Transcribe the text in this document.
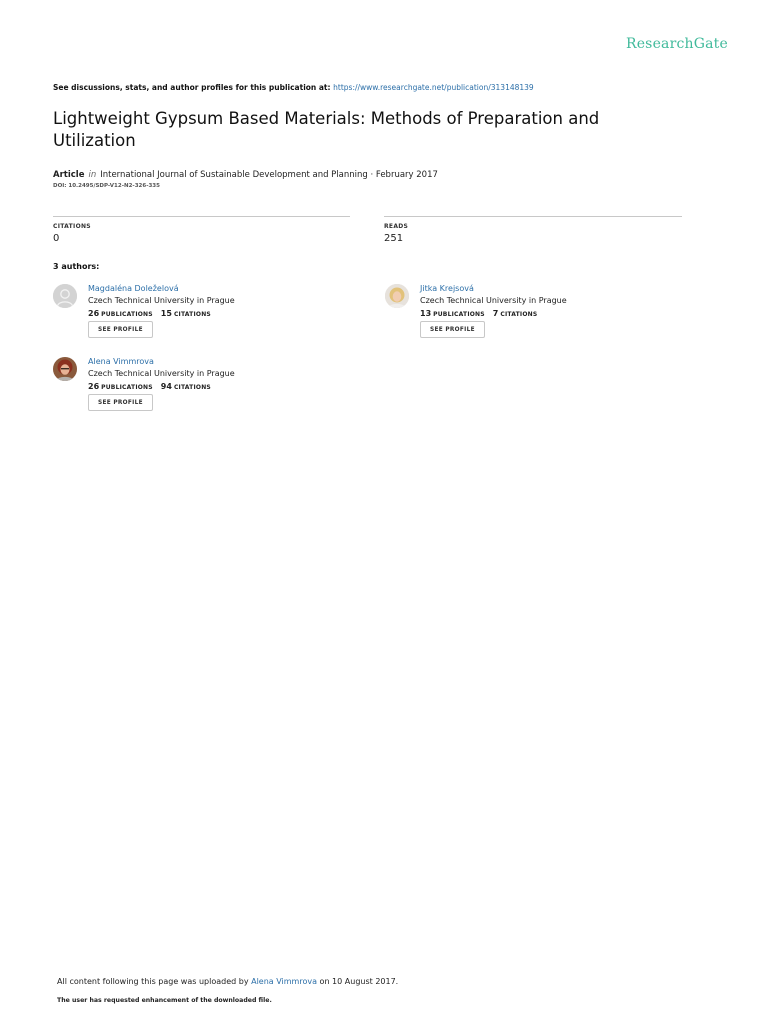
ResearchGate
See discussions, stats, and author profiles for this publication at: https://www.researchgate.net/publication/313148139
Lightweight Gypsum Based Materials: Methods of Preparation and Utilization
Article in International Journal of Sustainable Development and Planning · February 2017
DOI: 10.2495/SDP-V12-N2-326-335
CITATIONS
0
READS
251
3 authors:
Magdaléna Doleželová
Czech Technical University in Prague
26 PUBLICATIONS 15 CITATIONS
SEE PROFILE
Jitka Krejsová
Czech Technical University in Prague
13 PUBLICATIONS 7 CITATIONS
SEE PROFILE
Alena Vimmrova
Czech Technical University in Prague
26 PUBLICATIONS 94 CITATIONS
SEE PROFILE
All content following this page was uploaded by Alena Vimmrova on 10 August 2017.
The user has requested enhancement of the downloaded file.
